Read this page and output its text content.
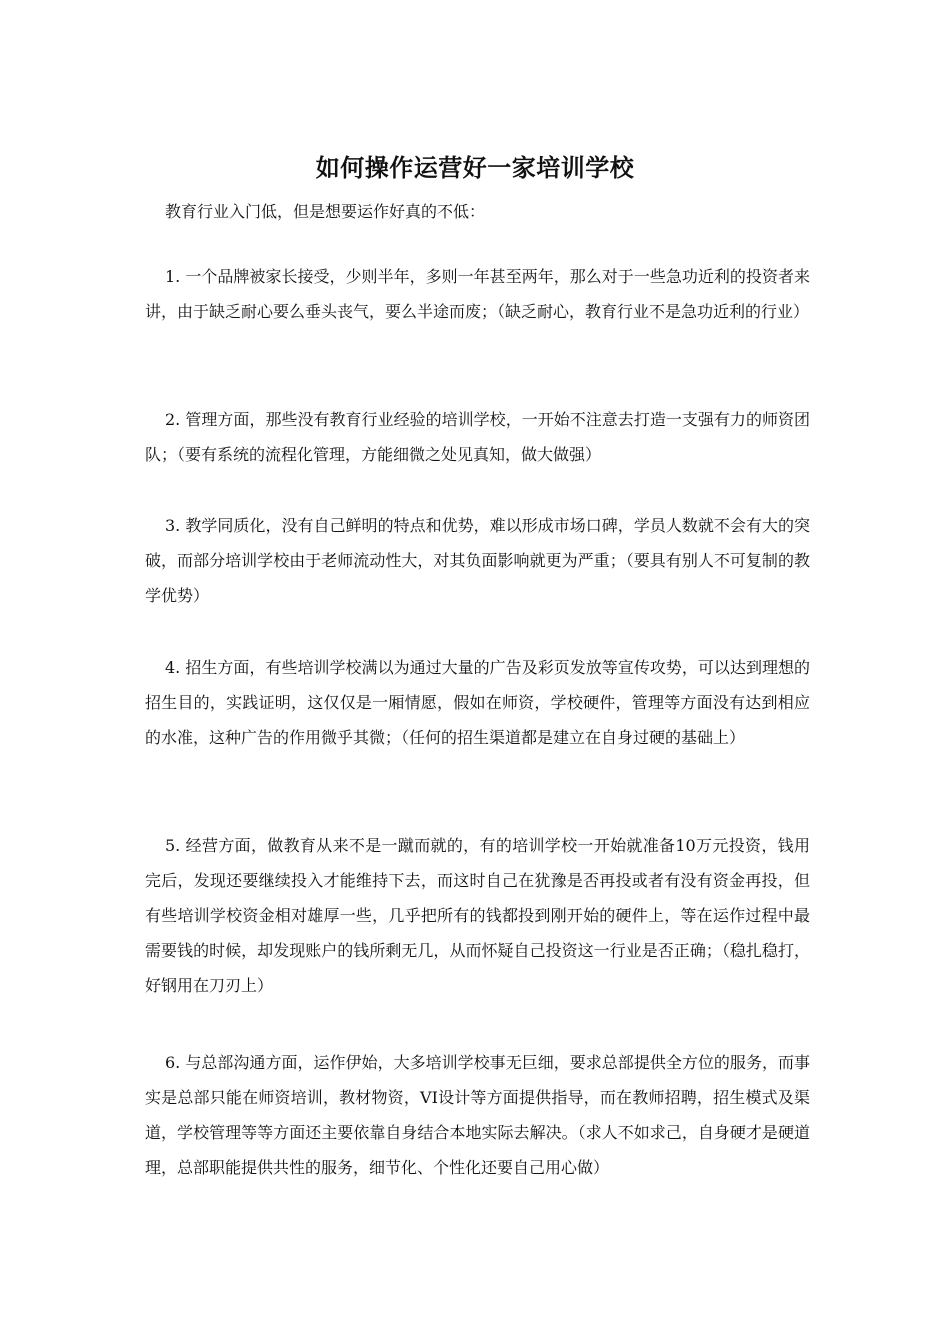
如何操作运营好一家培训学校
教育行业入门低，但是想要运作好真的不低：
1. 一个品牌被家长接受，少则半年，多则一年甚至两年，那么对于一些急功近利的投资者来讲，由于缺乏耐心要么垂头丧气，要么半途而废；（缺乏耐心，教育行业不是急功近利的行业）
2. 管理方面，那些没有教育行业经验的培训学校，一开始不注意去打造一支强有力的师资团队；（要有系统的流程化管理，方能细微之处见真知，做大做强）
3. 教学同质化，没有自己鲜明的特点和优势，难以形成市场口碑，学员人数就不会有大的突破，而部分培训学校由于老师流动性大，对其负面影响就更为严重；（要具有别人不可复制的教学优势）
4. 招生方面，有些培训学校满以为通过大量的广告及彩页发放等宣传攻势，可以达到理想的招生目的，实践证明，这仅仅是一厢情愿，假如在师资，学校硬件，管理等方面没有达到相应的水准，这种广告的作用微乎其微；（任何的招生渠道都是建立在自身过硬的基础上）
5. 经营方面，做教育从来不是一蹴而就的，有的培训学校一开始就准备10万元投资，钱用完后，发现还要继续投入才能维持下去，而这时自己在犹豫是否再投或者有没有资金再投，但有些培训学校资金相对雄厚一些，几乎把所有的钱都投到刚开始的硬件上，等在运作过程中最需要钱的时候，却发现账户的钱所剩无几，从而怀疑自己投资这一行业是否正确；（稳扎稳打，好钢用在刀刃上）
6. 与总部沟通方面，运作伊始，大多培训学校事无巨细，要求总部提供全方位的服务，而事实是总部只能在师资培训，教材物资，VI设计等方面提供指导，而在教师招聘，招生模式及渠道，学校管理等等方面还主要依靠自身结合本地实际去解决。（求人不如求己，自身硬才是硬道理，总部职能提供共性的服务，细节化、个性化还要自己用心做）
